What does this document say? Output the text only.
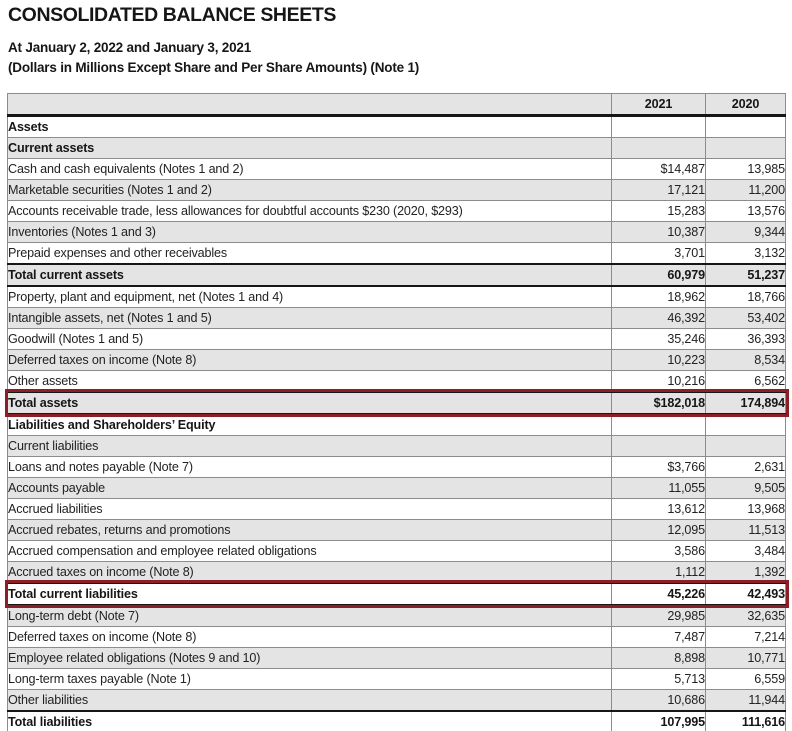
CONSOLIDATED BALANCE SHEETS

At January 2, 2022 and January 3, 2021

(Dollars in Millions Except Share and Per Share Amounts) (Note 1)

	2021	2020
Assets		
Current assets		
Cash and cash equivalents (Notes 1 and 2)	$14,487	13,985
Marketable securities (Notes 1 and 2)	17,121	11,200
Accounts receivable trade, less allowances for doubtful accounts $230 (2020, $293)	15,283	13,576
Inventories (Notes 1 and 3)	10,387	9,344
Prepaid expenses and other receivables	3,701	3,132
Total current assets	60,979	51,237
Property, plant and equipment, net (Notes 1 and 4)	18,962	18,766
Intangible assets, net (Notes 1 and 5)	46,392	53,402
Goodwill (Notes 1 and 5)	35,246	36,393
Deferred taxes on income (Note 8)	10,223	8,534
Other assets	10,216	6,562
Total assets	$182,018	174,894
Liabilities and Shareholders’ Equity		
Current liabilities		
Loans and notes payable (Note 7)	$3,766	2,631
Accounts payable	11,055	9,505
Accrued liabilities	13,612	13,968
Accrued rebates, returns and promotions	12,095	11,513
Accrued compensation and employee related obligations	3,586	3,484
Accrued taxes on income (Note 8)	1,112	1,392
Total current liabilities	45,226	42,493
Long-term debt (Note 7)	29,985	32,635
Deferred taxes on income (Note 8)	7,487	7,214
Employee related obligations (Notes 9 and 10)	8,898	10,771
Long-term taxes payable (Note 1)	5,713	6,559
Other liabilities	10,686	11,944
Total liabilities	107,995	111,616
